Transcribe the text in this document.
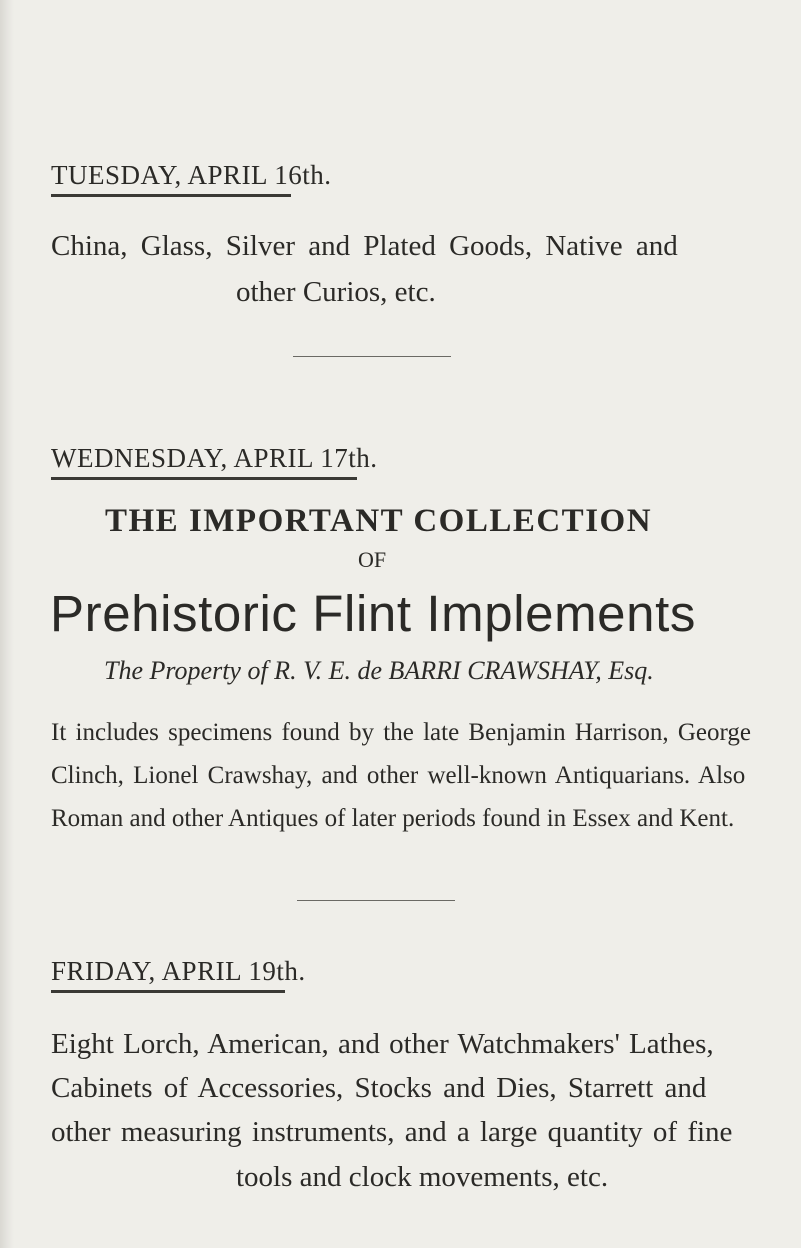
TUESDAY, APRIL 16th.
China, Glass, Silver and Plated Goods, Native and
other Curios, etc.
WEDNESDAY, APRIL 17th.
THE IMPORTANT COLLECTION
OF
Prehistoric Flint Implements
The Property of R. V. E. de BARRI CRAWSHAY, Esq.
It includes specimens found by the late Benjamin Harrison, George
Clinch, Lionel Crawshay, and other well-known Antiquarians. Also
Roman and other Antiques of later periods found in Essex and Kent.
FRIDAY, APRIL 19th.
Eight Lorch, American, and other Watchmakers' Lathes,
Cabinets of Accessories, Stocks and Dies, Starrett and
other measuring instruments, and a large quantity of fine
tools and clock movements, etc.
